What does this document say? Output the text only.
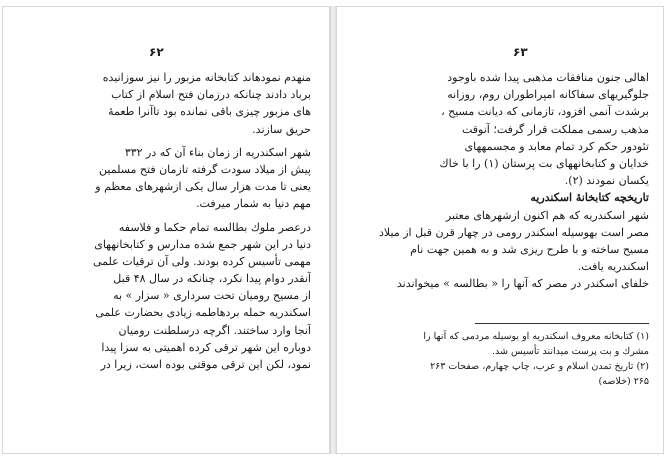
۶۲
منهدم نمودهاند کتابخانه مزبور را نیز سوزانیده
برباد دادند چنانکه درزمان فتح اسلام از کتاب
های مزبور چیزی باقی نمانده بود تاآنرا طعمۀ
حریق سازند.
شهر اسکندریه از زمان بناء آن که در ۳۳۲
پیش از میلاد سودت گرفته تازمان فتح مسلمین
یعنی تا مدت هزار سال یکی ازشهرهای معظم و
مهم دنیا به شمار میرفت.
درعصر ملوك بطالسه تمام حکما و فلاسفه
دنیا در این شهر جمع شده مدارس و کتابخانههای
مهمی تأسیس کرده بودند. ولی آن ترقیات علمی
آنقدر دوام پیدا نکرد، چنانکه در سال ۴۸ قبل
از مسیح رومیان تحت سرداری « سزار » به
اسکندریه حمله بردهاطمه زیادی بحضارت علمی
آنجا وارد ساختند. اگرچه درسلطنت رومیان
دوباره این شهر ترقی کرده اهمیتی به سزا پیدا
نمود، لکن این ترقی موقتی بوده است، زیرا در
۶۳
اهالی جنون منافقات مذهبی پیدا شده باوجود
جلوگیریهای سفاکانه امپراطوران روم، روزانه
برشدت آنمی افزود، تازمانی که دیانت مسیح ،
مذهب رسمی مملکت قرار گرفت؛ آنوقت
تئودور حکم کرد تمام معابد و مجسمههای
خدایان و کتابخانههای بت پرستان (۱) را با خاك
یکسان نمودند (۲).
تاریخچه کتابخانهٔ اسکندریه
شهر اسکندریه که هم اکنون ازشهرهای معتبر
مصر است بهوسیله اسکندر رومی در چهار قرن قبل از میلاد
مسیح ساخته و با طرح ریزی شد و به همین جهت نام
اسکندریه یافت.
خلفای اسکندر در مصر که آنها را « بطالسه » میخواندند
(۱) کتابخانه معروف اسکندریه او بوسیله مردمی که آنها را
مشرك و بت پرست میدانند تأسیس شد.
(۲) تاریخ تمدن اسلام و عرب، چاپ چهارم، صفحات ۲۶۳
۲۶۵ (خلاصه)
